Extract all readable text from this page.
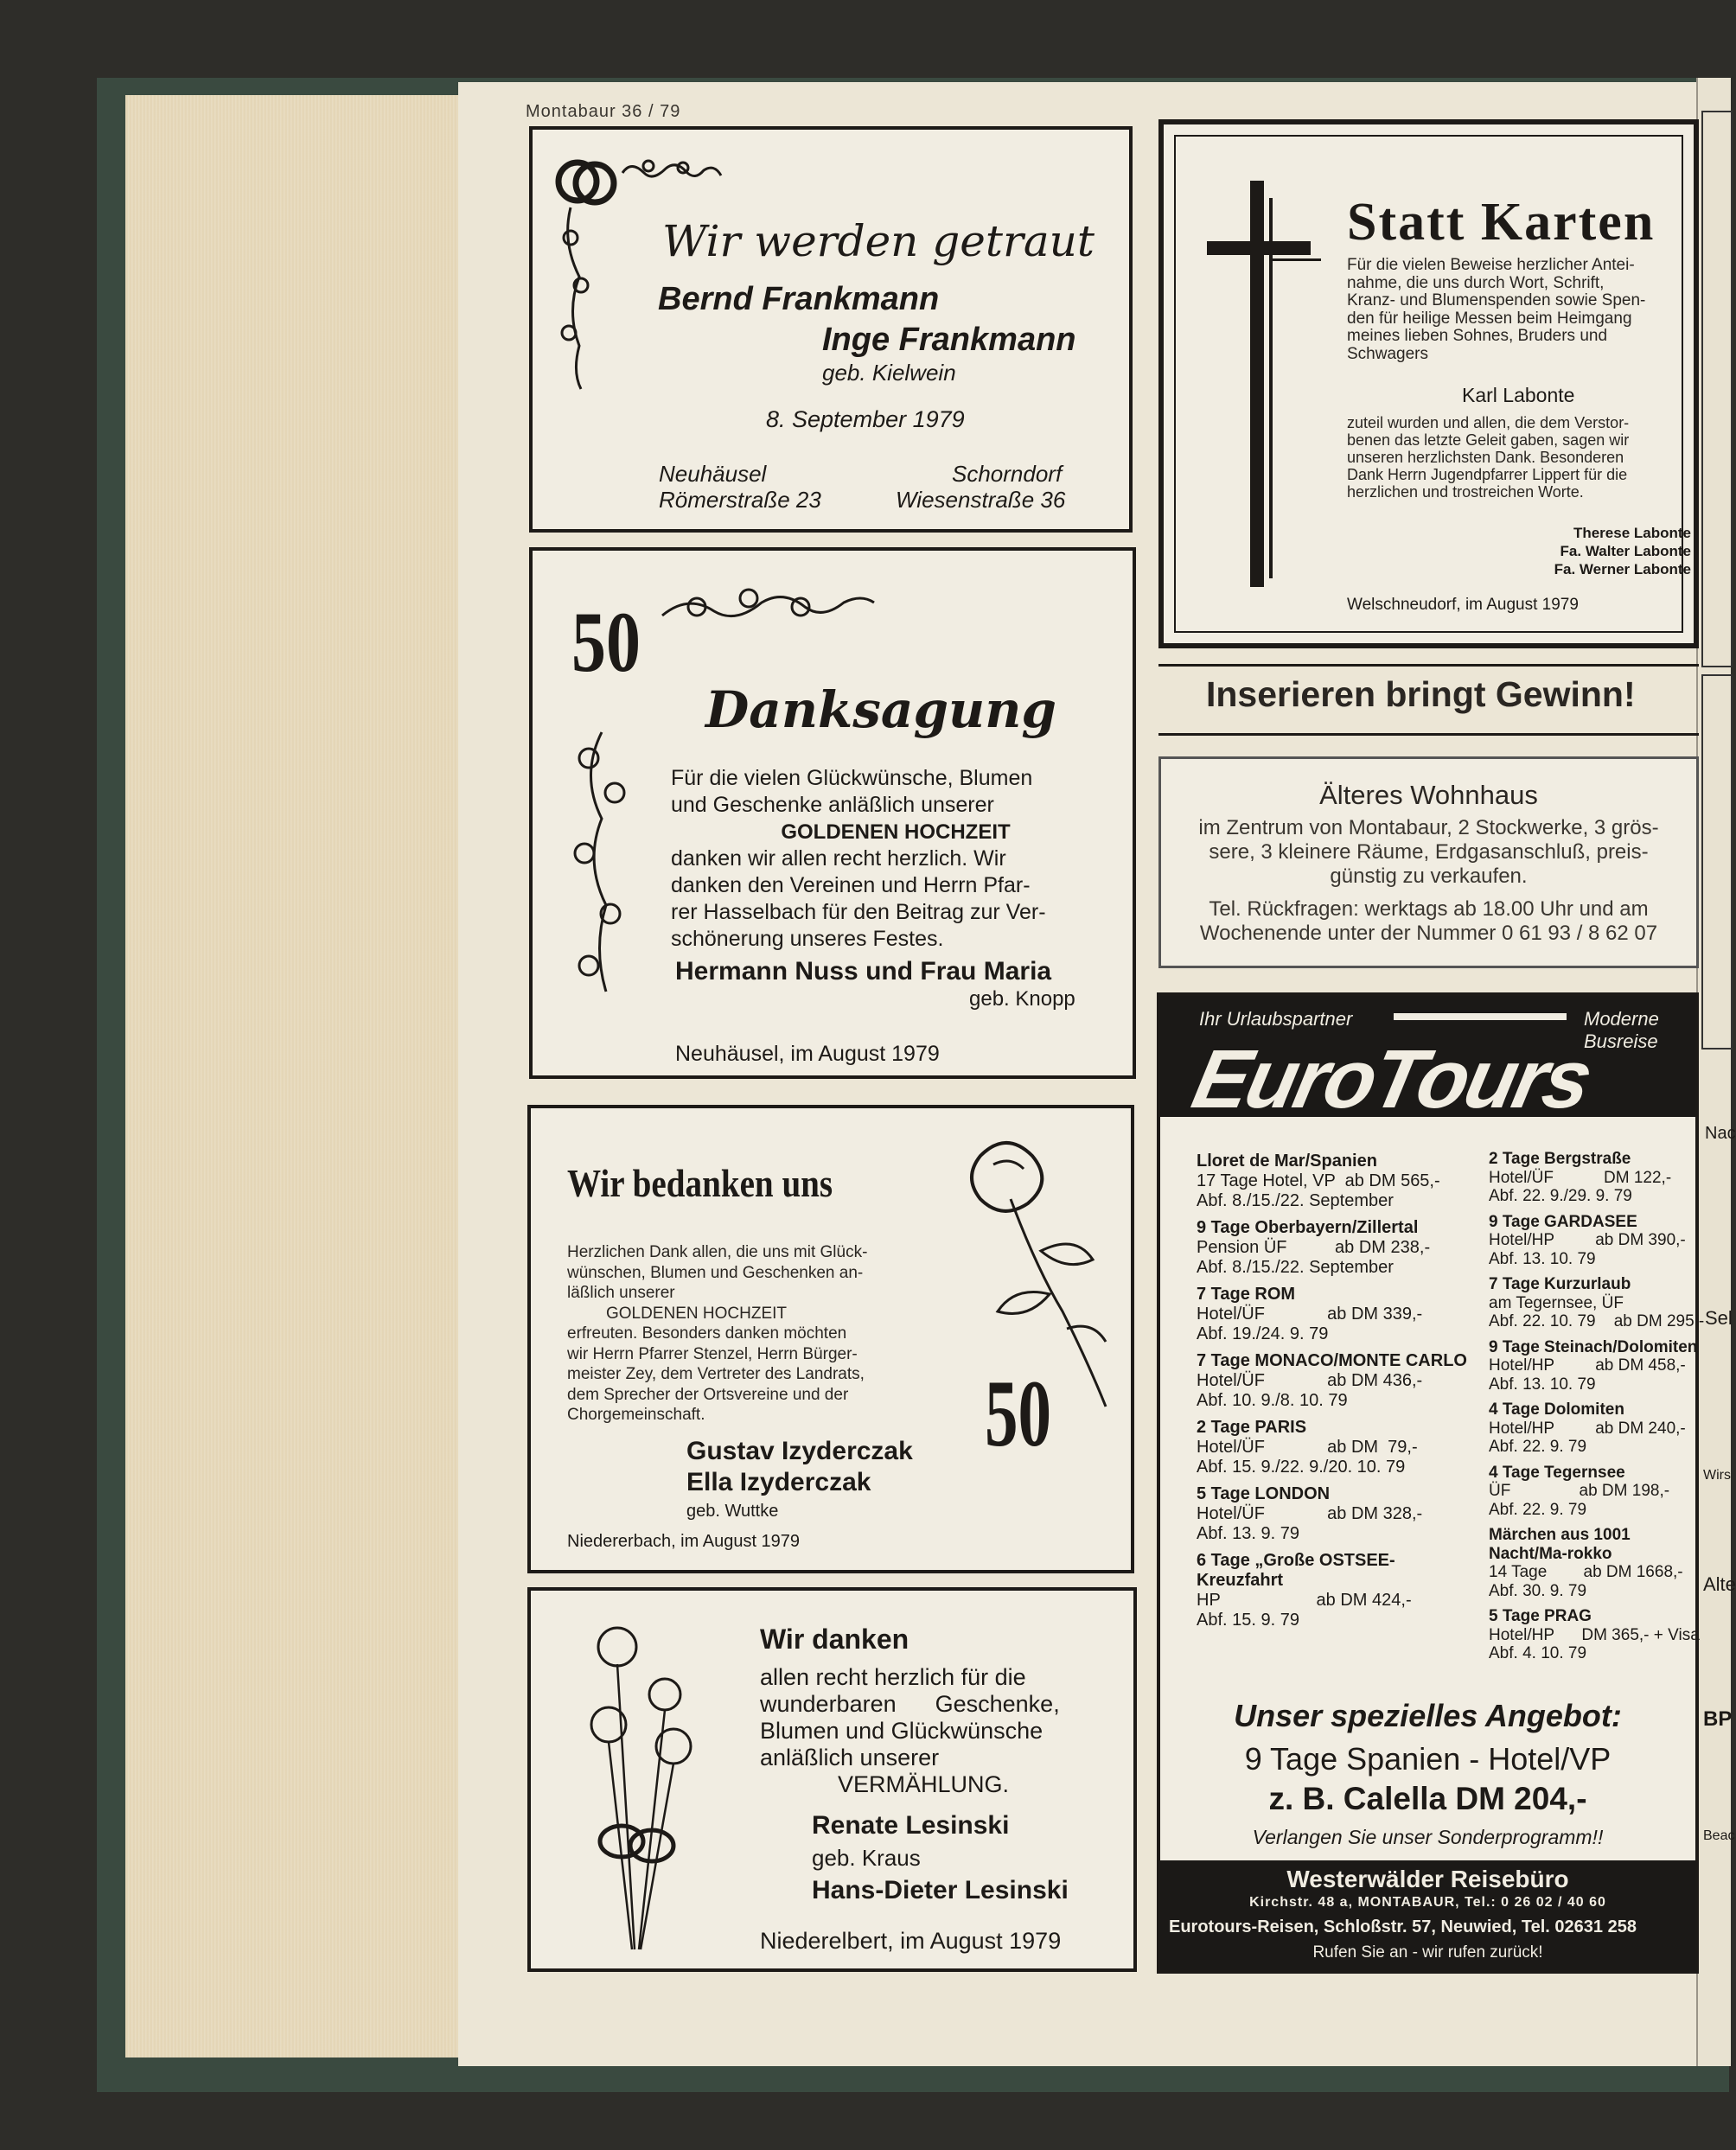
Montabaur 36 / 79
Wir werden getraut
Bernd Frankmann
Inge Frankmann
geb. Kielwein
8. September 1979
Neuhäusel
Römerstraße 23
Schorndorf
Wiesenstraße 36
50
Danksagung
Für die vielen Glückwünsche, Blumen
und Geschenke anläßlich unserer
GOLDENEN HOCHZEIT
danken wir allen recht herzlich. Wir
danken den Vereinen und Herrn Pfar-
rer Hasselbach für den Beitrag zur Ver-
schönerung unseres Festes.
Hermann Nuss und Frau Maria
geb. Knopp
Neuhäusel, im August 1979
Wir bedanken uns
Herzlichen Dank allen, die uns mit Glück-
wünschen, Blumen und Geschenken an-
läßlich unserer
GOLDENEN HOCHZEIT
erfreuten. Besonders danken möchten
wir Herrn Pfarrer Stenzel, Herrn Bürger-
meister Zey, dem Vertreter des Landrats,
dem Sprecher der Ortsvereine und der
Chorgemeinschaft.
Gustav Izyderczak
Ella Izyderczak
geb. Wuttke
Niedererbach, im August 1979
50
Wir danken
allen recht herzlich für die
wunderbaren      Geschenke,
Blumen und Glückwünsche
anläßlich unserer
VERMÄHLUNG.
Renate Lesinski
geb. Kraus
Hans-Dieter Lesinski
Niederelbert, im August 1979
Statt Karten
Für die vielen Beweise herzlicher Antei-
nahme, die uns durch Wort, Schrift,
Kranz- und Blumenspenden sowie Spen-
den für heilige Messen beim Heimgang
meines lieben Sohnes, Bruders und
Schwagers
Karl Labonte
zuteil wurden und allen, die dem Verstor-
benen das letzte Geleit gaben, sagen wir
unseren herzlichsten Dank. Besonderen
Dank Herrn Jugendpfarrer Lippert für die
herzlichen und trostreichen Worte.
Therese Labonte
Fa. Walter Labonte
Fa. Werner Labonte
Welschneudorf, im August 1979
Inserieren bringt Gewinn!
Älteres Wohnhaus
im Zentrum von Montabaur, 2 Stockwerke, 3 grös-
sere, 3 kleinere Räume, Erdgasanschluß, preis-
günstig zu verkaufen.
Tel. Rückfragen: werktags ab 18.00 Uhr und am
Wochenende unter der Nummer 0 61 93 / 8 62 07
Ihr Urlaubspartner	Moderne Busreise
EuroTours
Lloret de Mar/Spanien
17 Tage Hotel, VP  ab DM 565,-
Abf. 8./15./22. September
9 Tage Oberbayern/Zillertal
Pension ÜF          ab DM 238,-
Abf. 8./15./22. September
7 Tage ROM
Hotel/ÜF             ab DM 339,-
Abf. 19./24. 9. 79
7 Tage MONACO/MONTE CARLO
Hotel/ÜF             ab DM 436,-
Abf. 10. 9./8. 10. 79
2 Tage PARIS
Hotel/ÜF             ab DM  79,-
Abf. 15. 9./22. 9./20. 10. 79
5 Tage LONDON
Hotel/ÜF             ab DM 328,-
Abf. 13. 9. 79
6 Tage „Große OSTSEE-Kreuzfahrt
HP                    ab DM 424,-
Abf. 15. 9. 79
2 Tage Bergstraße
Hotel/ÜF           DM 122,-
Abf. 22. 9./29. 9. 79
9 Tage GARDASEE
Hotel/HP         ab DM 390,-
Abf. 13. 10. 79
7 Tage Kurzurlaub
am Tegernsee, ÜF
Abf. 22. 10. 79    ab DM 295,-
9 Tage Steinach/Dolomiten
Hotel/HP         ab DM 458,-
Abf. 13. 10. 79
4 Tage Dolomiten
Hotel/HP         ab DM 240,-
Abf. 22. 9. 79
4 Tage Tegernsee
ÜF               ab DM 198,-
Abf. 22. 9. 79
Märchen aus 1001 Nacht/Ma-rokko
14 Tage        ab DM 1668,-
Abf. 30. 9. 79
5 Tage PRAG
Hotel/HP      DM 365,- + Visa
Abf. 4. 10. 79
Unser spezielles Angebot:
9 Tage Spanien - Hotel/VP
z. B. Calella DM 204,-
Verlangen Sie unser Sonderprogramm!!
Westerwälder Reisebüro
Kirchstr. 48 a, MONTABAUR, Tel.: 0 26 02 / 40 60
Eurotours-Reisen, Schloßstr. 57, Neuwied, Tel. 02631 258
Rufen Sie an - wir rufen zurück!
Nac
Sel
Wirs
Alte
BP
Beac
